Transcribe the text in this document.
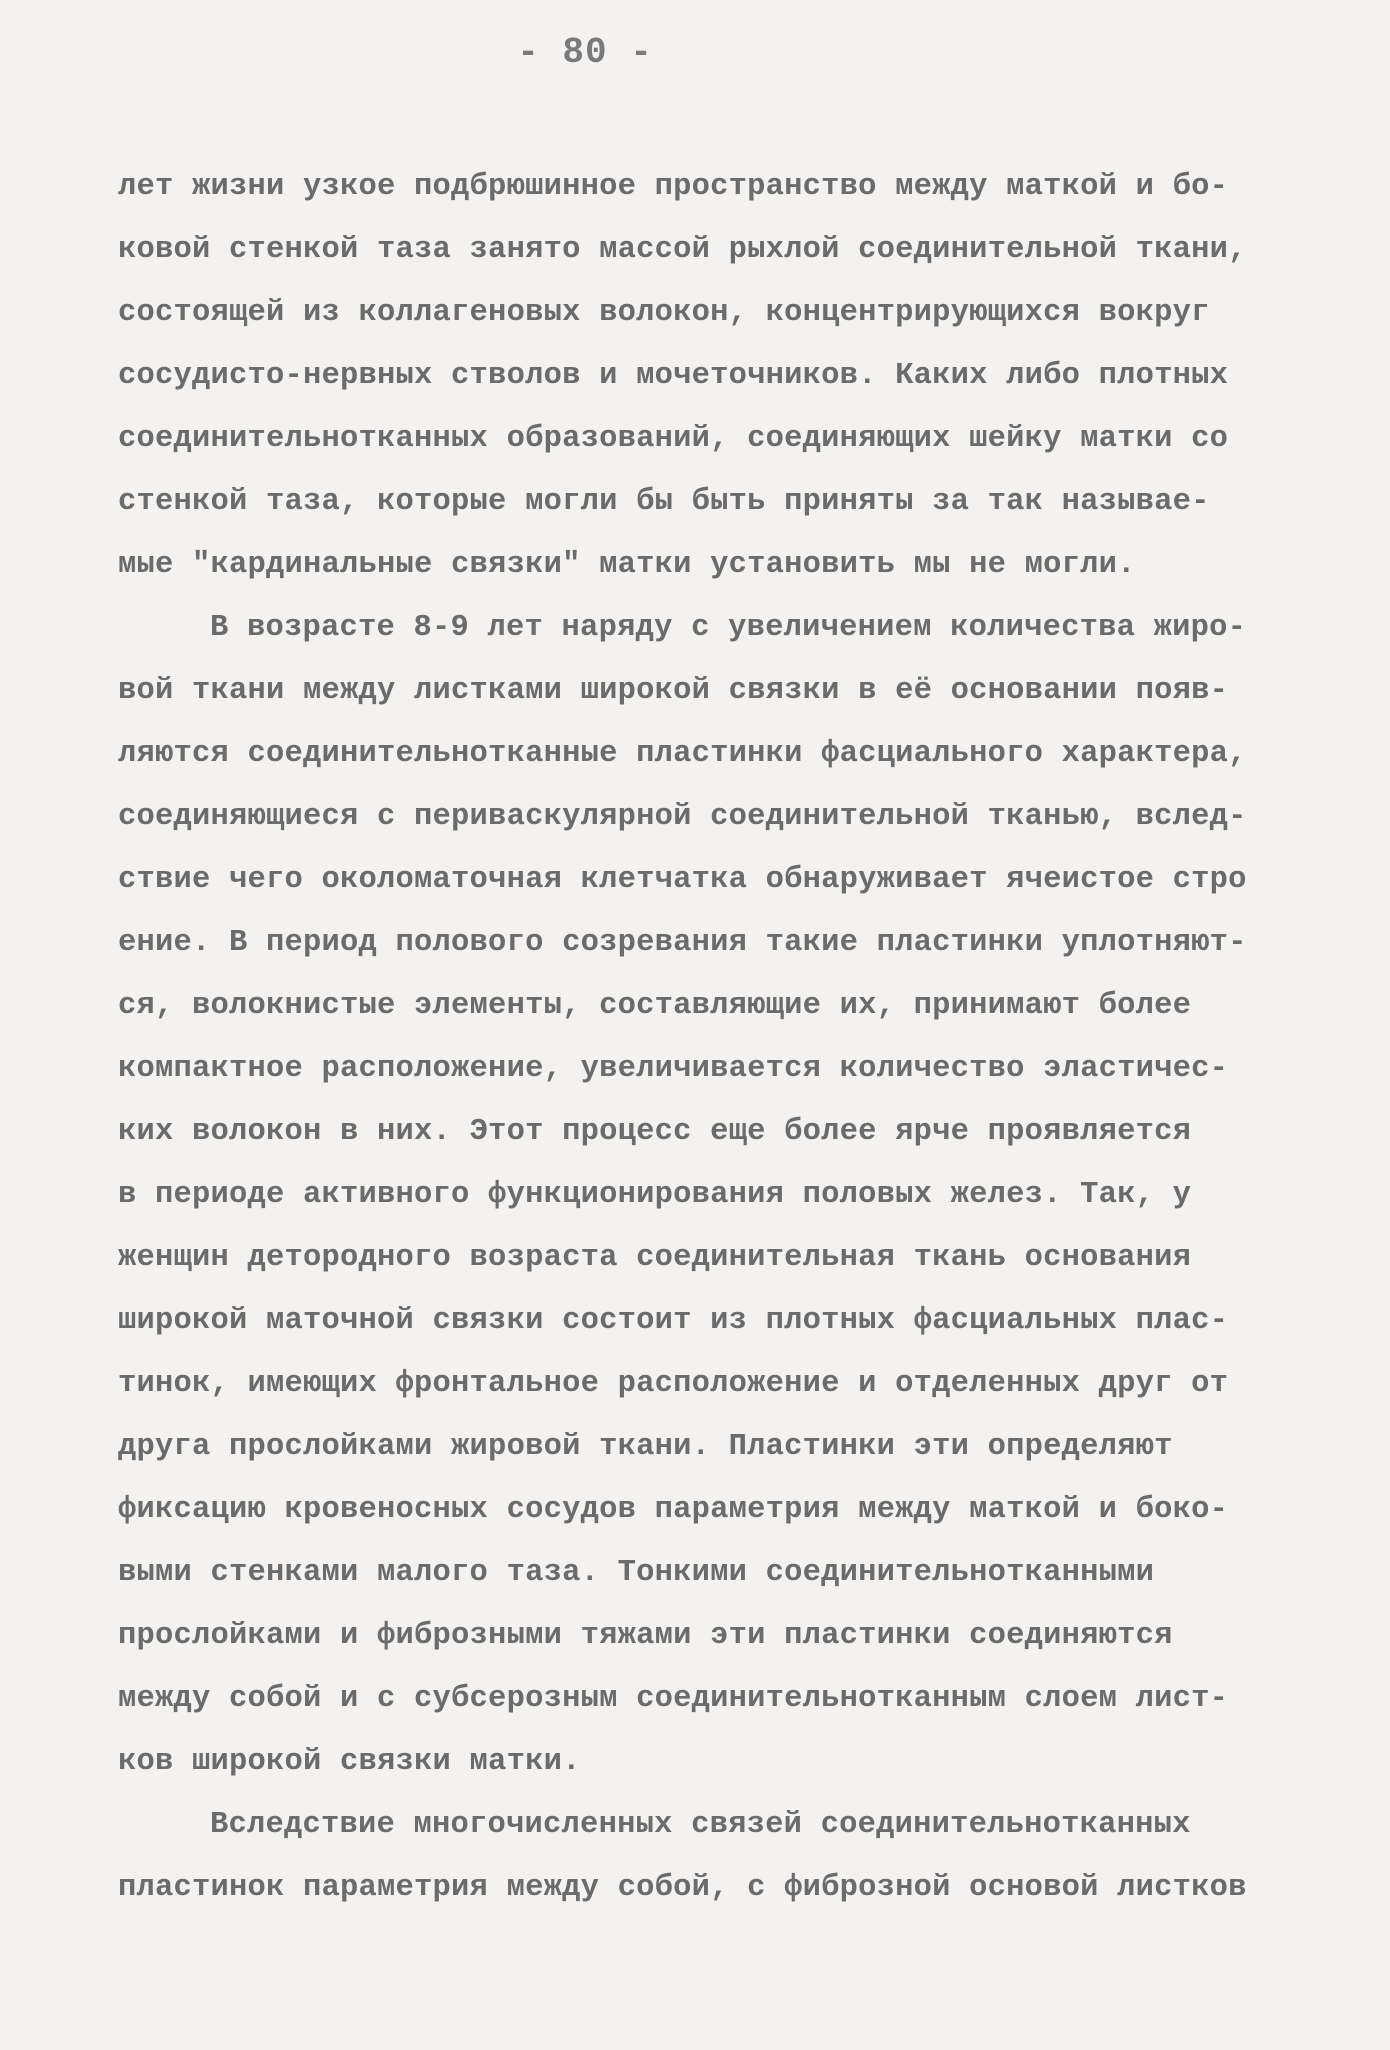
- 80 -
лет жизни узкое подбрюшинное пространство между маткой и бо-
ковой стенкой таза занято массой рыхлой соединительной ткани,
состоящей из коллагеновых волокон, концентрирующихся вокруг
сосудисто-нервных стволов и мочеточников. Каких либо плотных
соединительнотканных образований, соединяющих шейку матки со
стенкой таза, которые могли бы быть приняты за так называе-
мые "кардинальные связки" матки установить мы не могли.
В возрасте 8-9 лет наряду с увеличением количества жиро-
вой ткани между листками широкой связки в её основании появ-
ляются соединительнотканные пластинки фасциального характера,
соединяющиеся с периваскулярной соединительной тканью, вслед-
ствие чего околоматочная клетчатка обнаруживает ячеистое стро
ение. В период полового созревания такие пластинки уплотняют-
ся, волокнистые элементы, составляющие их, принимают более
компактное расположение, увеличивается количество эластичес-
ких волокон в них. Этот процесс еще более ярче проявляется
в периоде активного функционирования половых желез. Так, у
женщин детородного возраста соединительная ткань основания
широкой маточной связки состоит из плотных фасциальных плас-
тинок, имеющих фронтальное расположение и отделенных друг от
друга прослойками жировой ткани. Пластинки эти определяют
фиксацию кровеносных сосудов параметрия между маткой и боко-
выми стенками малого таза. Тонкими соединительнотканными
прослойками и фиброзными тяжами эти пластинки соединяются
между собой и с субсерозным соединительнотканным слоем лист-
ков широкой связки матки.
Вследствие многочисленных связей соединительнотканных
пластинок параметрия между собой, с фиброзной основой листков
